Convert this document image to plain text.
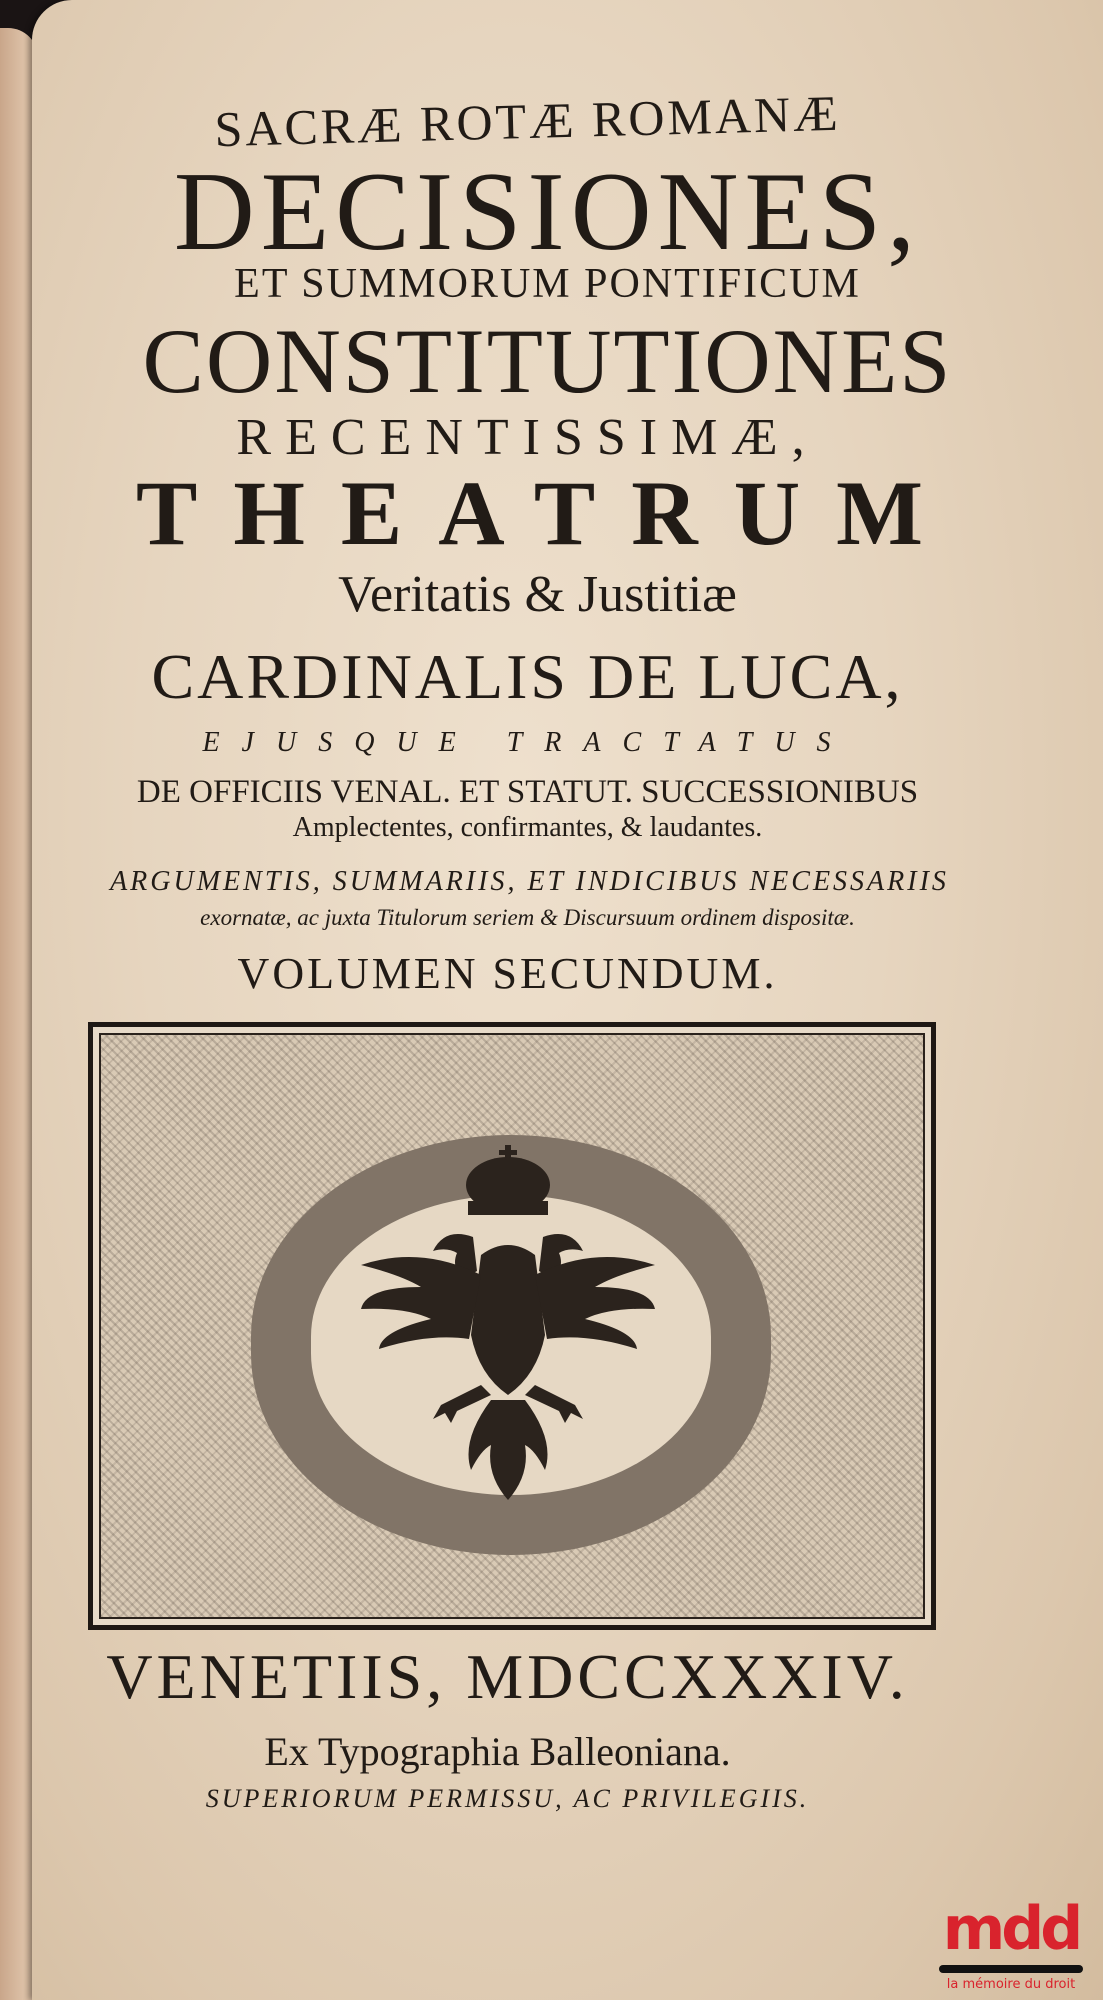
SACRÆ ROTÆ ROMANÆ
DECISIONES,
ET SUMMORUM PONTIFICUM
CONSTITUTIONES
RECENTISSIMÆ,
THEATRUM
Veritatis & Justitiæ
CARDINALIS DE LUCA,
EJUSQUE TRACTATUS
DE OFFICIIS VENAL. ET STATUT. SUCCESSIONIBUS
Amplectentes, confirmantes, & laudantes.
ARGUMENTIS, SUMMARIIS, ET INDICIBUS NECESSARIIS
exornatæ, ac juxta Titulorum seriem & Discursuum ordinem dispositæ.
VOLUMEN SECUNDUM.
VENETIIS, MDCCXXXIV.
Ex Typographia Balleoniana.
SUPERIORUM PERMISSU, AC PRIVILEGIIS.
mdd
la mémoire du droit
